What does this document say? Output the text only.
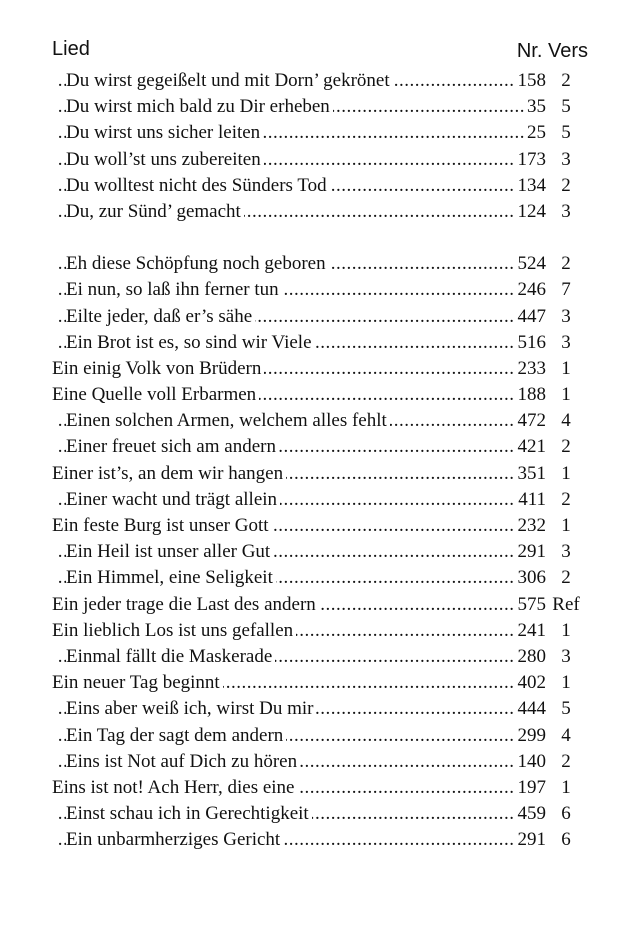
Lied	Nr. Vers
.....
Du wirst gegeißelt und mit Dorn’ gekrönet	158 2
.....
Du wirst mich bald zu Dir erheben	35 5
.....
Du wirst uns sicher leiten	25 5
.....
Du woll’st uns zubereiten	173 3
.....
Du wolltest nicht des Sünders Tod	134 2
.....
Du, zur Sünd’ gemacht	124 3
.....
Eh diese Schöpfung noch geboren	524 2
.....
Ei nun, so laß ihn ferner tun	246 7
.....
Eilte jeder, daß er’s sähe	447 3
.....
Ein Brot ist es, so sind wir Viele	516 3
.....
Ein einig Volk von Brüdern	233 1
.....
Eine Quelle voll Erbarmen	188 1
.....
Einen solchen Armen, welchem alles fehlt	472 4
.....
Einer freuet sich am andern	421 2
.....
Einer ist’s, an dem wir hangen	351 1
.....
Einer wacht und trägt allein	411 2
.....
Ein feste Burg ist unser Gott	232 1
.....
Ein Heil ist unser aller Gut	291 3
.....
Ein Himmel, eine Seligkeit	306 2
.....
Ein jeder trage die Last des andern	575 Ref
.....
Ein lieblich Los ist uns gefallen	241 1
.....
Einmal fällt die Maskerade	280 3
.....
Ein neuer Tag beginnt	402 1
.....
Eins aber weiß ich, wirst Du mir	444 5
.....
Ein Tag der sagt dem andern	299 4
.....
Eins ist Not auf Dich zu hören	140 2
.....
Eins ist not! Ach Herr, dies eine	197 1
.....
Einst schau ich in Gerechtigkeit	459 6
.....
Ein unbarmherziges Gericht	291 6
